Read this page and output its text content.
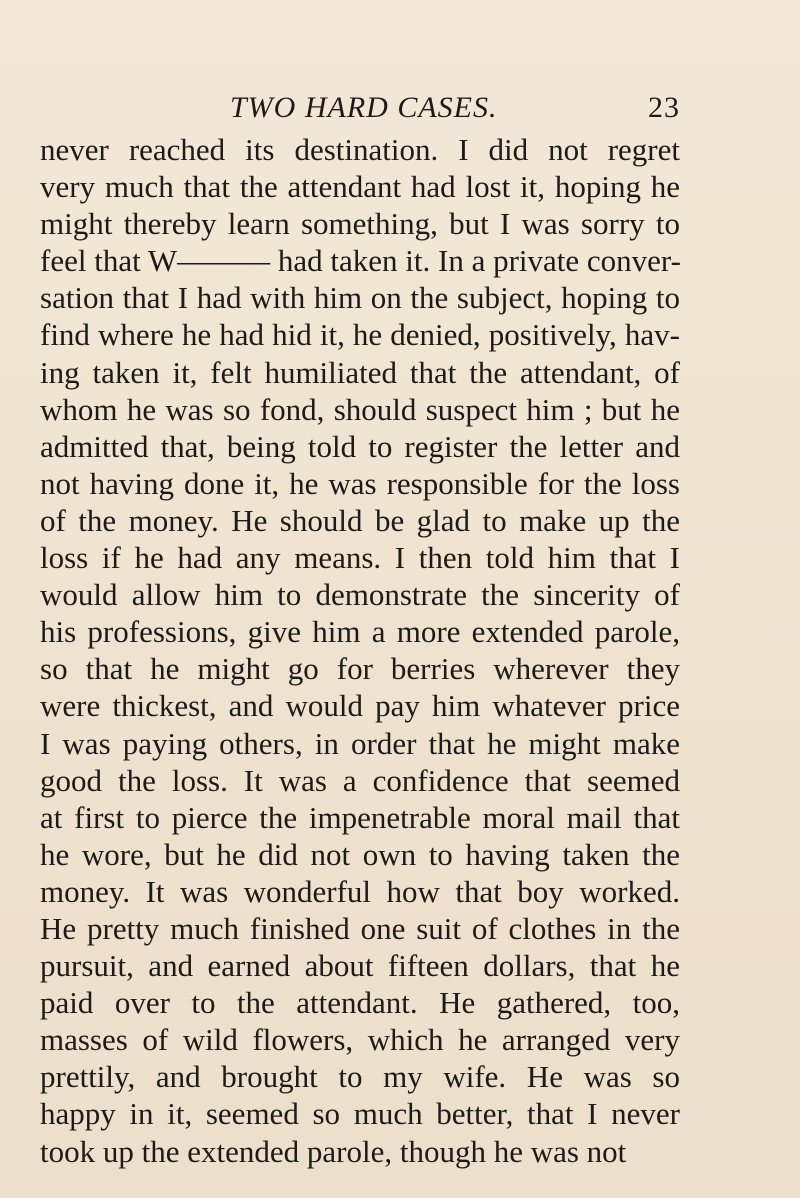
TWO HARD CASES.	23
never reached its destination. I did not regret
very much that the attendant had lost it, hoping he
might thereby learn something, but I was sorry to
feel that W——— had taken it. In a private conver-
sation that I had with him on the subject, hoping to
find where he had hid it, he denied, positively, hav-
ing taken it, felt humiliated that the attendant, of
whom he was so fond, should suspect him ; but he
admitted that, being told to register the letter and
not having done it, he was responsible for the loss
of the money. He should be glad to make up the
loss if he had any means. I then told him that I
would allow him to demonstrate the sincerity of
his professions, give him a more extended parole,
so that he might go for berries wherever they
were thickest, and would pay him whatever price
I was paying others, in order that he might make
good the loss. It was a confidence that seemed
at first to pierce the impenetrable moral mail that
he wore, but he did not own to having taken the
money. It was wonderful how that boy worked.
He pretty much finished one suit of clothes in the
pursuit, and earned about fifteen dollars, that he
paid over to the attendant. He gathered, too,
masses of wild flowers, which he arranged very
prettily, and brought to my wife. He was so
happy in it, seemed so much better, that I never
took up the extended parole, though he was not
